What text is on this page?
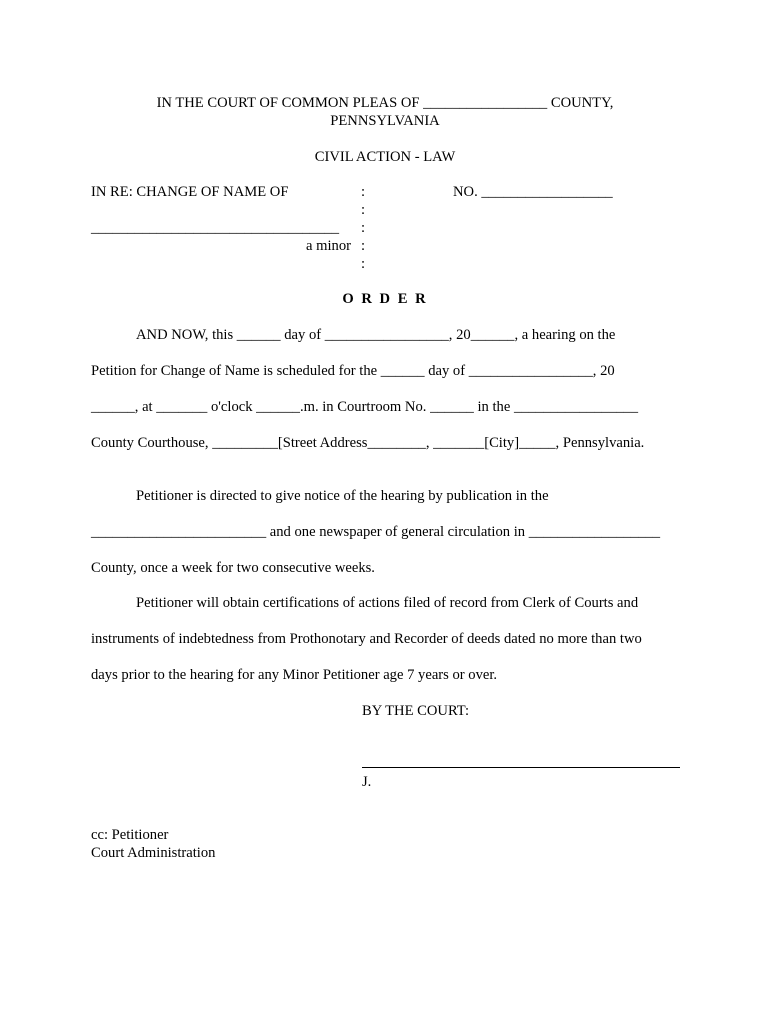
IN THE COURT OF COMMON PLEAS OF _________________ COUNTY,
PENNSYLVANIA
CIVIL ACTION - LAW
IN RE: CHANGE OF NAME OF	:	NO. __________________
:
__________________________________ :
a minor :
:
O R D E R
AND NOW, this ______ day of _________________, 20______, a hearing on the
Petition for Change of Name is scheduled for the ______ day of _________________, 20
______, at _______ o'clock ______.m. in Courtroom No. ______ in the _________________
County Courthouse, _________[Street Address________, _______[City]_____, Pennsylvania.
Petitioner is directed to give notice of the hearing by publication in the
________________________ and one newspaper of general circulation in __________________
County, once a week for two consecutive weeks.
Petitioner will obtain certifications of actions filed of record from Clerk of Courts and
instruments of indebtedness from Prothonotary and Recorder of deeds dated no more than two
days prior to the hearing for any Minor Petitioner age 7 years or over.
BY THE COURT:
J.
cc: Petitioner
Court Administration
